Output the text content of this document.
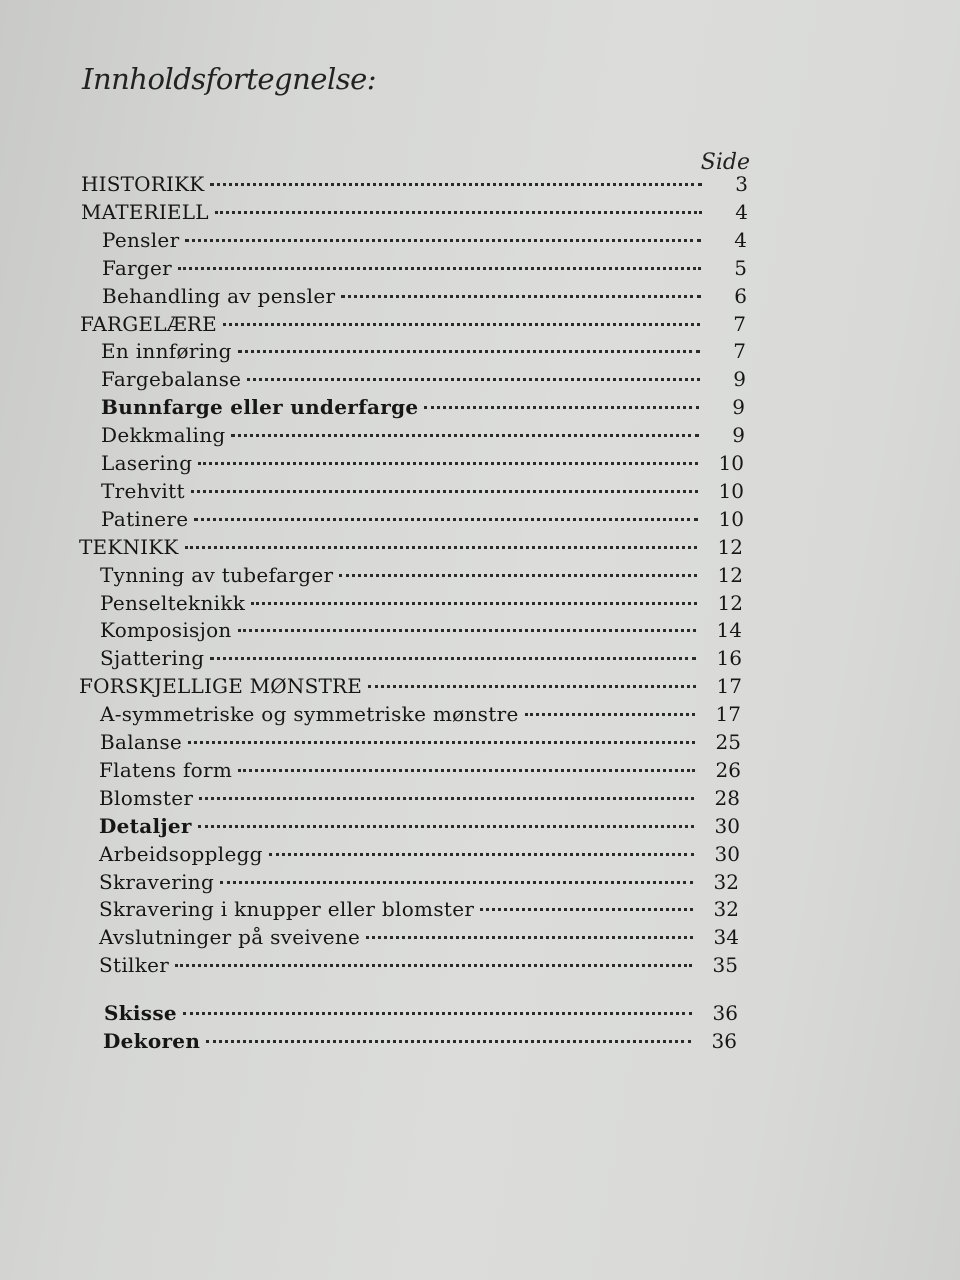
Innholdsfortegnelse:
Side
HISTORIKK	3
MATERIELL	4
Pensler	4
Farger	5
Behandling av pensler	6
FARGELÆRE	7
En innføring	7
Fargebalanse	9
Bunnfarge eller underfarge	9
Dekkmaling	9
Lasering	10
Trehvitt	10
Patinere	10
TEKNIKK	12
Tynning av tubefarger	12
Penselteknikk	12
Komposisjon	14
Sjattering	16
FORSKJELLIGE MØNSTRE	17
A-symmetriske og symmetriske mønstre	17
Balanse	25
Flatens form	26
Blomster	28
Detaljer	30
Arbeidsopplegg	30
Skravering	32
Skravering i knupper eller blomster	32
Avslutninger på sveivene	34
Stilker	35
Skisse	36
Dekoren	36
